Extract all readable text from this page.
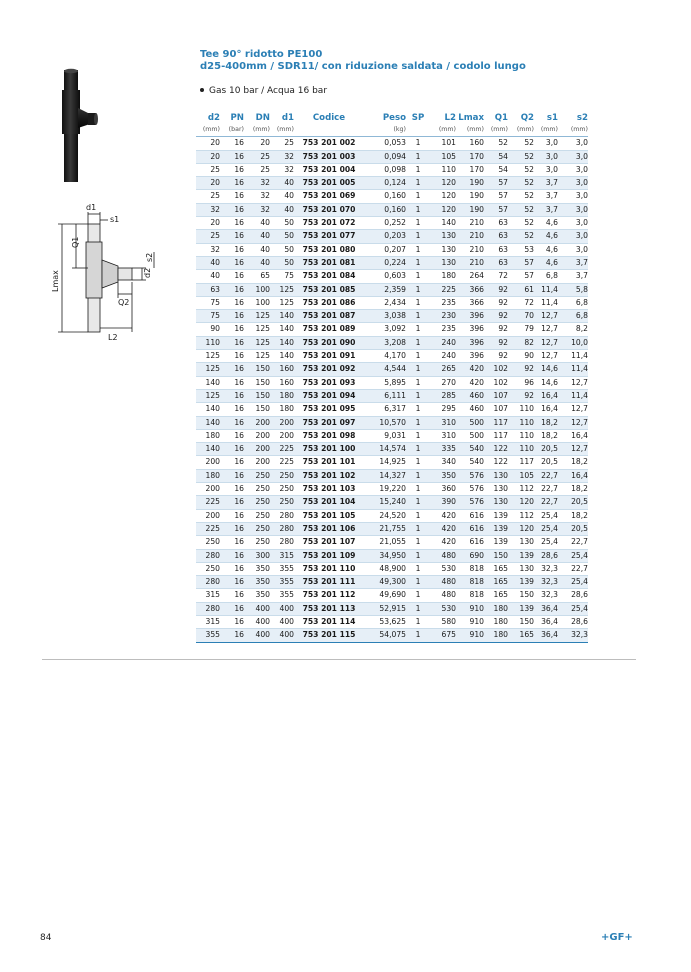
Tee 90° ridotto PE100
d25-400mm / SDR11/ con riduzione saldata / codolo lungo
Gas 10 bar / Acqua 16 bar
d1
s1
Q1
Lmax
s2
d2
Q2
L2
d2	PN	DN	d1	Codice	Peso	SP	L2	Lmax	Q1	Q2	s1	s2
(mm)	(bar)	(mm)	(mm)		(kg)		(mm)	(mm)	(mm)	(mm)	(mm)	(mm)
20	16	20	25	753 201 002	0,053	1	101	160	52	52	3,0	3,0
20	16	25	32	753 201 003	0,094	1	105	170	54	52	3,0	3,0
25	16	25	32	753 201 004	0,098	1	110	170	54	52	3,0	3,0
20	16	32	40	753 201 005	0,124	1	120	190	57	52	3,7	3,0
25	16	32	40	753 201 069	0,160	1	120	190	57	52	3,7	3,0
32	16	32	40	753 201 070	0,160	1	120	190	57	52	3,7	3,0
20	16	40	50	753 201 072	0,252	1	140	210	63	52	4,6	3,0
25	16	40	50	753 201 077	0,203	1	130	210	63	52	4,6	3,0
32	16	40	50	753 201 080	0,207	1	130	210	63	53	4,6	3,0
40	16	40	50	753 201 081	0,224	1	130	210	63	57	4,6	3,7
40	16	65	75	753 201 084	0,603	1	180	264	72	57	6,8	3,7
63	16	100	125	753 201 085	2,359	1	225	366	92	61	11,4	5,8
75	16	100	125	753 201 086	2,434	1	235	366	92	72	11,4	6,8
75	16	125	140	753 201 087	3,038	1	230	396	92	70	12,7	6,8
90	16	125	140	753 201 089	3,092	1	235	396	92	79	12,7	8,2
110	16	125	140	753 201 090	3,208	1	240	396	92	82	12,7	10,0
125	16	125	140	753 201 091	4,170	1	240	396	92	90	12,7	11,4
125	16	150	160	753 201 092	4,544	1	265	420	102	92	14,6	11,4
140	16	150	160	753 201 093	5,895	1	270	420	102	96	14,6	12,7
125	16	150	180	753 201 094	6,111	1	285	460	107	92	16,4	11,4
140	16	150	180	753 201 095	6,317	1	295	460	107	110	16,4	12,7
140	16	200	200	753 201 097	10,570	1	310	500	117	110	18,2	12,7
180	16	200	200	753 201 098	9,031	1	310	500	117	110	18,2	16,4
140	16	200	225	753 201 100	14,574	1	335	540	122	110	20,5	12,7
200	16	200	225	753 201 101	14,925	1	340	540	122	117	20,5	18,2
180	16	250	250	753 201 102	14,327	1	350	576	130	105	22,7	16,4
200	16	250	250	753 201 103	19,220	1	360	576	130	112	22,7	18,2
225	16	250	250	753 201 104	15,240	1	390	576	130	120	22,7	20,5
200	16	250	280	753 201 105	24,520	1	420	616	139	112	25,4	18,2
225	16	250	280	753 201 106	21,755	1	420	616	139	120	25,4	20,5
250	16	250	280	753 201 107	21,055	1	420	616	139	130	25,4	22,7
280	16	300	315	753 201 109	34,950	1	480	690	150	139	28,6	25,4
250	16	350	355	753 201 110	48,900	1	530	818	165	130	32,3	22,7
280	16	350	355	753 201 111	49,300	1	480	818	165	139	32,3	25,4
315	16	350	355	753 201 112	49,690	1	480	818	165	150	32,3	28,6
280	16	400	400	753 201 113	52,915	1	530	910	180	139	36,4	25,4
315	16	400	400	753 201 114	53,625	1	580	910	180	150	36,4	28,6
355	16	400	400	753 201 115	54,075	1	675	910	180	165	36,4	32,3
84	+GF+
